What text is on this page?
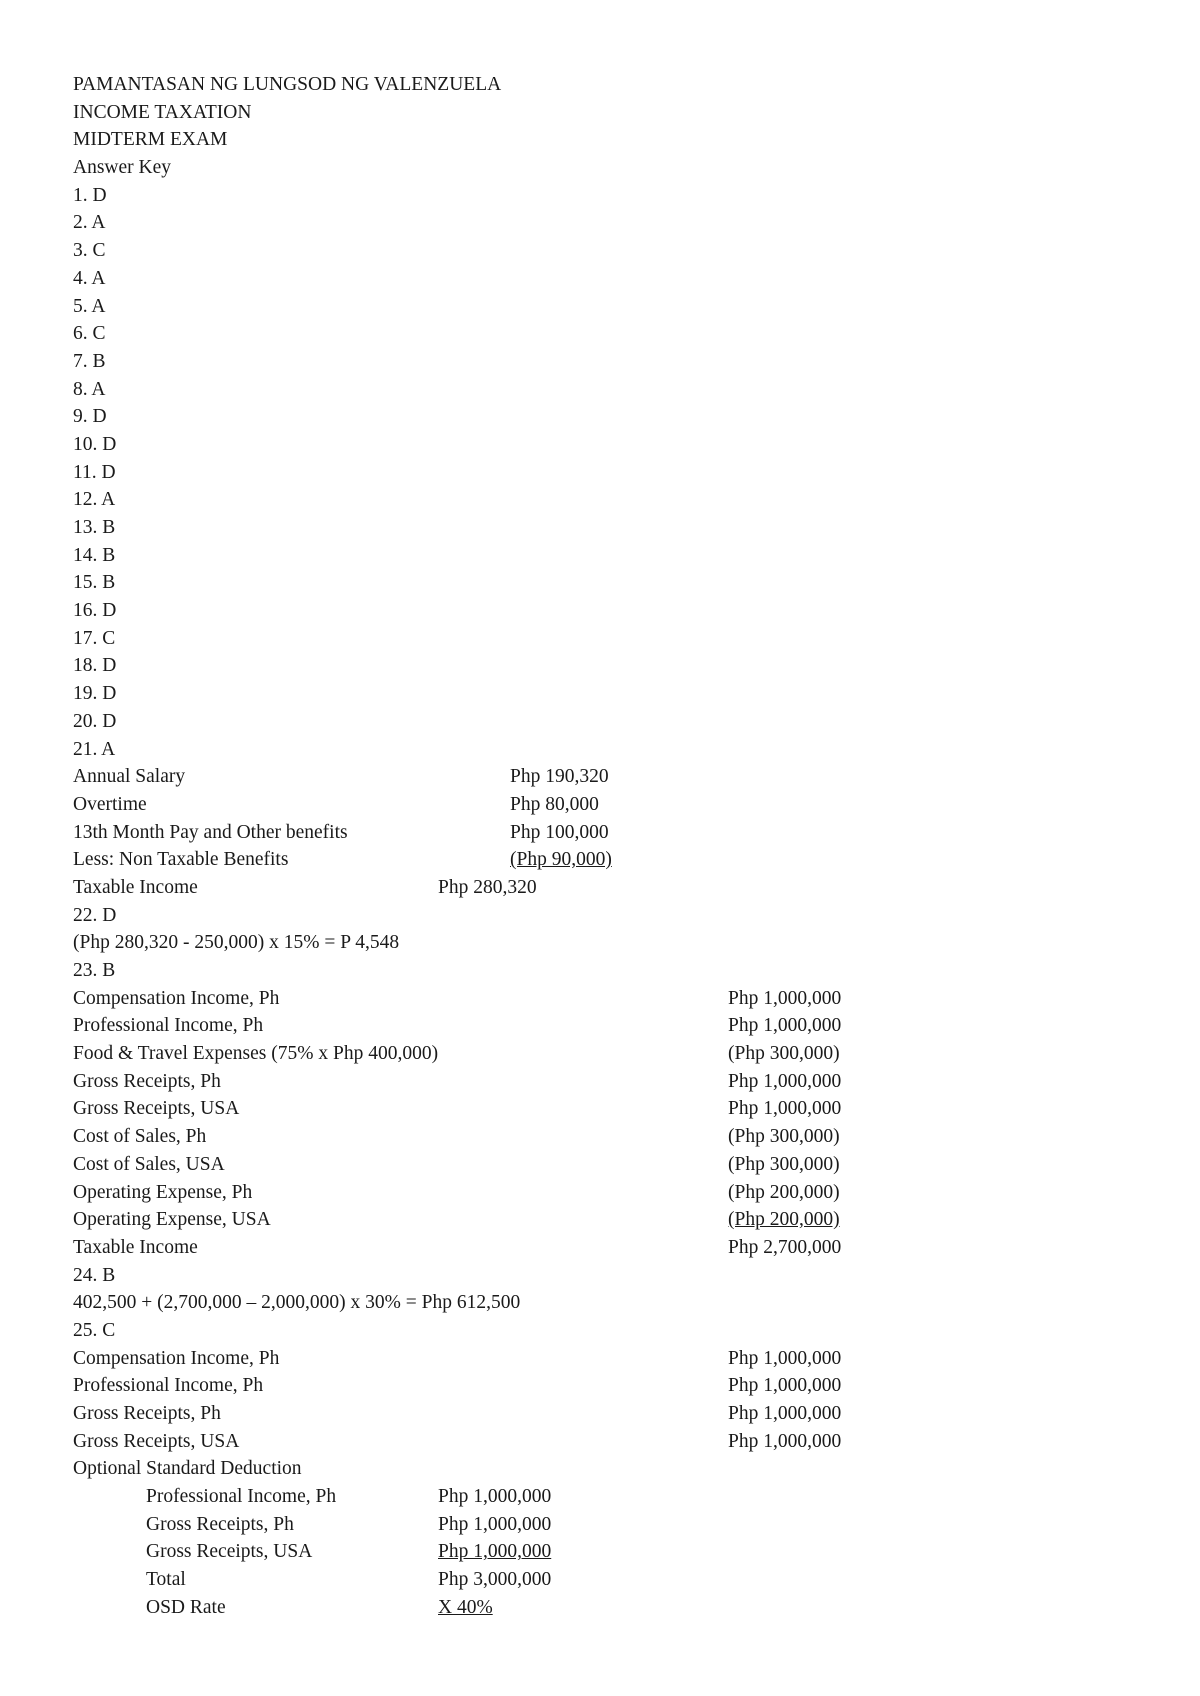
PAMANTASAN NG LUNGSOD NG VALENZUELA
INCOME TAXATION
MIDTERM EXAM
Answer Key
1. D
2. A
3. C
4. A
5. A
6. C
7. B
8. A
9. D
10. D
11. D
12. A
13. B
14. B
15. B
16. D
17. C
18. D
19. D
20. D
21. A
Annual Salary	Php 190,320
Overtime	Php 80,000
13th Month Pay and Other benefits	Php 100,000
Less: Non Taxable Benefits	(Php 90,000)
Taxable Income	Php 280,320
22. D
(Php 280,320 - 250,000) x 15% = P 4,548
23. B
Compensation Income, Ph	Php 1,000,000
Professional Income, Ph	Php 1,000,000
Food & Travel Expenses (75% x Php 400,000)	(Php 300,000)
Gross Receipts, Ph	Php 1,000,000
Gross Receipts, USA	Php 1,000,000
Cost of Sales, Ph	(Php 300,000)
Cost of Sales, USA	(Php 300,000)
Operating Expense, Ph	(Php 200,000)
Operating Expense, USA	(Php 200,000)
Taxable Income	Php 2,700,000
24. B
402,500 + (2,700,000 – 2,000,000) x 30% = Php 612,500
25. C
Compensation Income, Ph	Php 1,000,000
Professional Income, Ph	Php 1,000,000
Gross Receipts, Ph	Php 1,000,000
Gross Receipts, USA	Php 1,000,000
Optional Standard Deduction
Professional Income, Ph	Php 1,000,000
Gross Receipts, Ph	Php 1,000,000
Gross Receipts, USA	Php 1,000,000
Total	Php 3,000,000
OSD Rate	X 40%
